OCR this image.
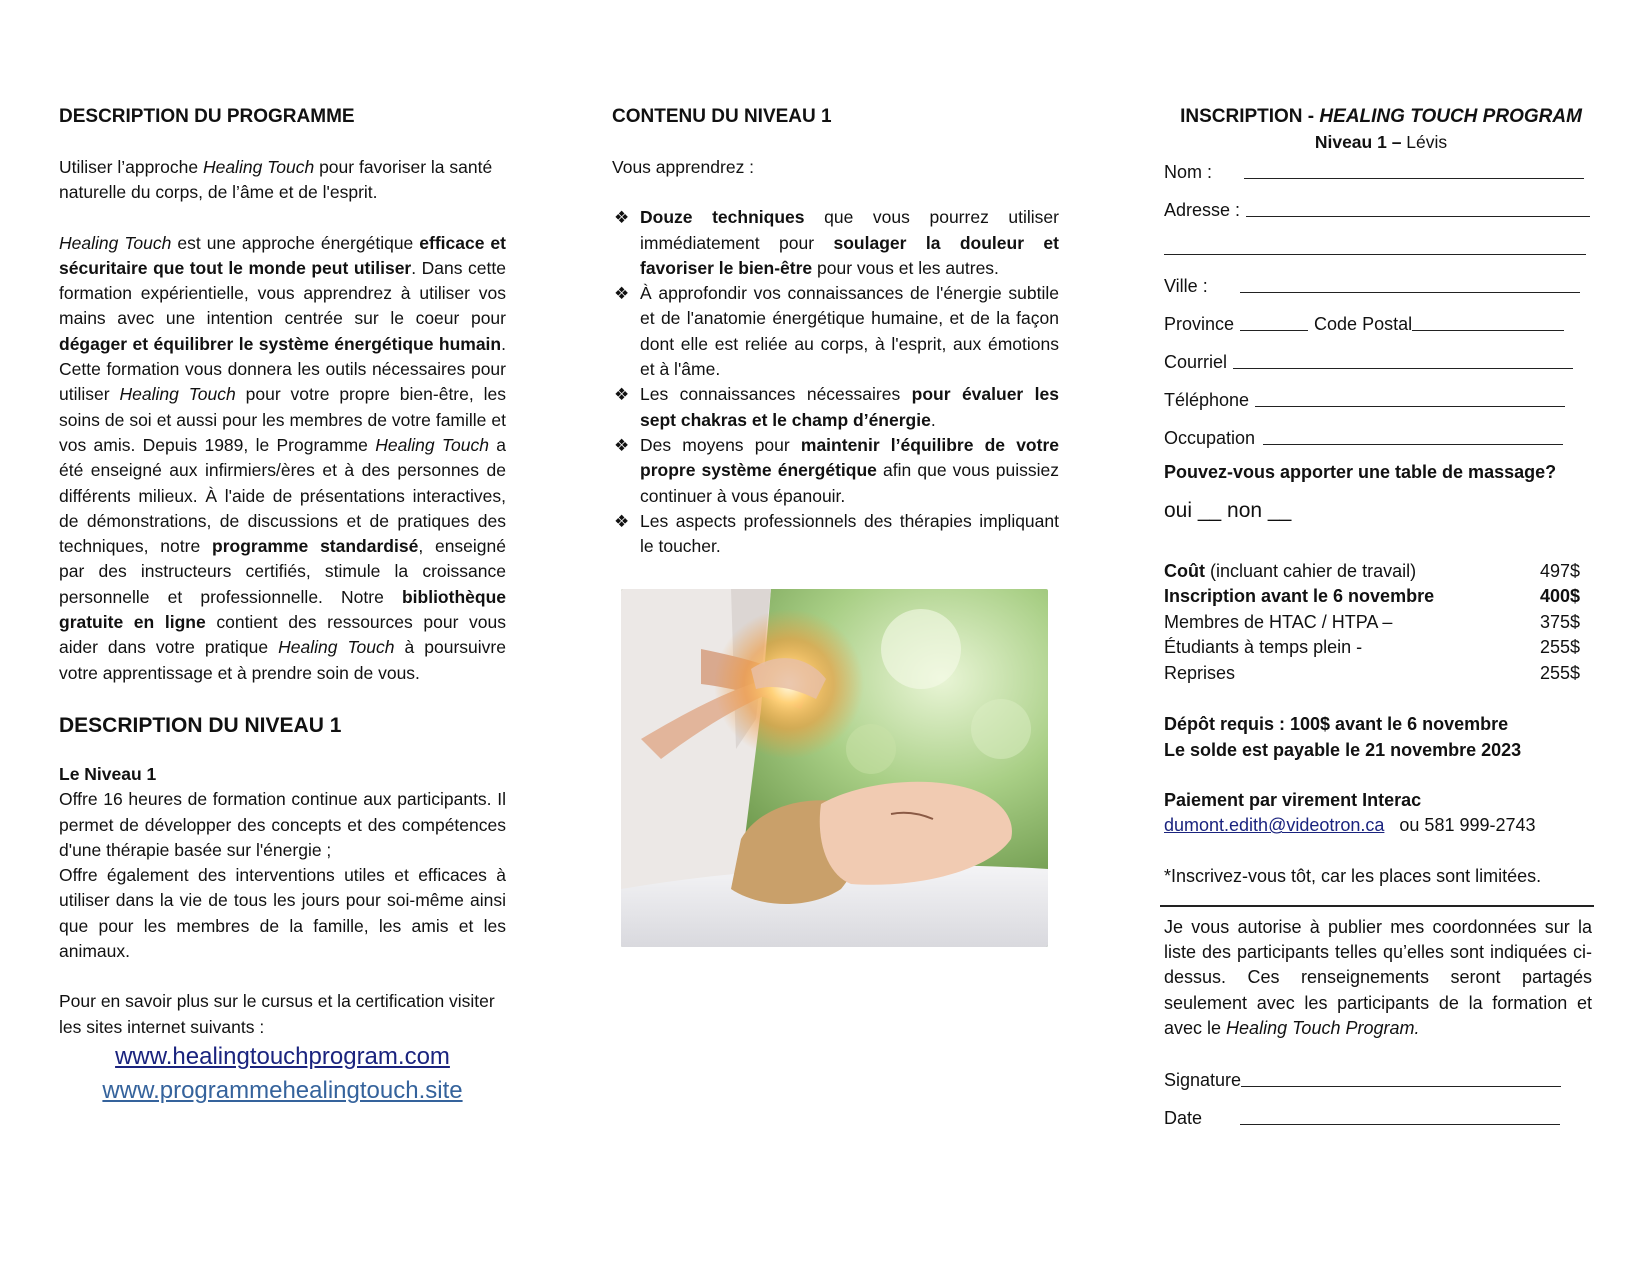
DESCRIPTION DU PROGRAMME

Utiliser l’approche Healing Touch pour favoriser la santé naturelle du corps, de l’âme et de l'esprit.

Healing Touch est une approche énergétique efficace et sécuritaire que tout le monde peut utiliser. Dans cette formation expérientielle, vous apprendrez à utiliser vos mains avec une intention centrée sur le coeur pour dégager et équilibrer le système énergétique humain. Cette formation vous donnera les outils nécessaires pour utiliser Healing Touch pour votre propre bien-être, les soins de soi et aussi pour les membres de votre famille et vos amis. Depuis 1989, le Programme Healing Touch a été enseigné aux infirmiers/ères et à des personnes de différents milieux. À l'aide de présentations interactives, de démonstrations, de discussions et de pratiques des techniques, notre programme standardisé, enseigné par des instructeurs certifiés, stimule la croissance personnelle et professionnelle. Notre bibliothèque gratuite en ligne contient des ressources pour vous aider dans votre pratique Healing Touch à poursuivre votre apprentissage et à prendre soin de vous.

DESCRIPTION DU NIVEAU 1

Le Niveau 1

Offre 16 heures de formation continue aux participants. Il permet de développer des concepts et des compétences d'une thérapie basée sur l'énergie ;

Offre également des interventions utiles et efficaces à utiliser dans la vie de tous les jours pour soi-même ainsi que pour les membres de la famille, les amis et les animaux.

Pour en savoir plus sur le cursus et la certification visiter les sites internet suivants :

www.healingtouchprogram.com
www.programmehealingtouch.site

CONTENU DU NIVEAU 1

Vous apprendrez :

❖ Douze techniques que vous pourrez utiliser immédiatement pour soulager la douleur et favoriser le bien-être pour vous et les autres.
❖ À approfondir vos connaissances de l'énergie subtile et de l'anatomie énergétique humaine, et de la façon dont elle est reliée au corps, à l'esprit, aux émotions et à l'âme.
❖ Les connaissances nécessaires pour évaluer les sept chakras et le champ d’énergie.
❖ Des moyens pour maintenir l’équilibre de votre propre système énergétique afin que vous puissiez continuer à vous épanouir.
❖ Les aspects professionnels des thérapies impliquant le toucher.

INSCRIPTION - HEALING TOUCH PROGRAM

Niveau 1 – Lévis

Nom :
Adresse :
Ville :
Province	Code Postal
Courriel
Téléphone
Occupation

Pouvez-vous apporter une table de massage?

oui __ non __

Coût (incluant cahier de travail)	497$
Inscription avant le 6 novembre	400$
Membres de HTAC / HTPA –	375$
Étudiants à temps plein -	255$
Reprises	255$

Dépôt requis : 100$ avant le 6 novembre

Le solde est payable le 21 novembre 2023

Paiement par virement Interac

dumont.edith@videotron.ca   ou 581 999-2743

*Inscrivez-vous tôt, car les places sont limitées.

Je vous autorise à publier mes coordonnées sur la liste des participants telles qu’elles sont indiquées ci-dessus. Ces renseignements seront partagés seulement avec les participants de la formation et avec le Healing Touch Program.

Signature
Date
